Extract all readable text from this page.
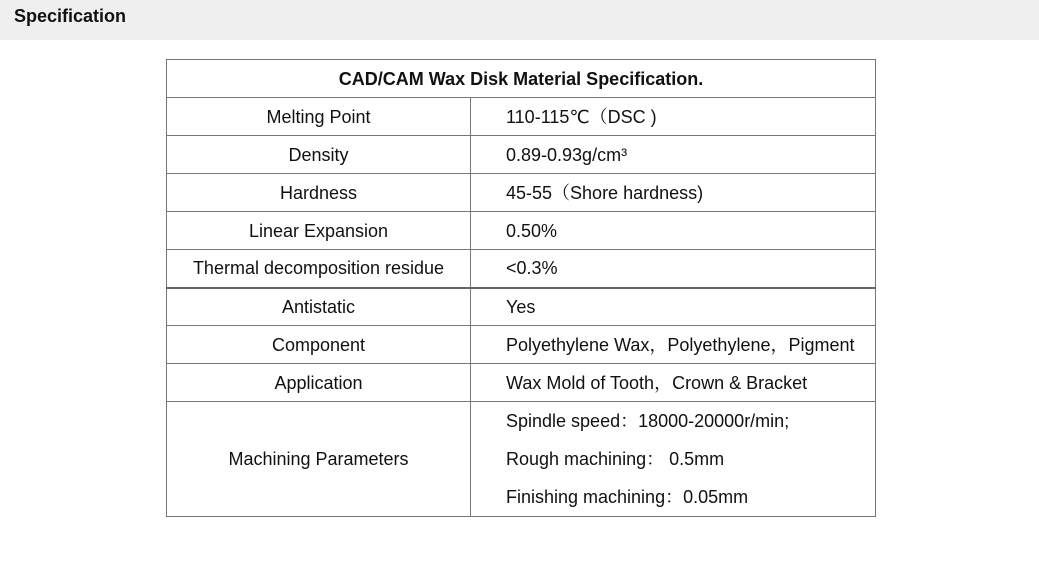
Specification
CAD/CAM Wax Disk Material Specification.	
Melting Point	110-115℃（DSC )
Density	0.89-0.93g/cm³
Hardness	45-55（Shore hardness)
Linear Expansion	0.50%
Thermal decomposition residue	<0.3%
Antistatic	Yes
Component	Polyethylene Wax，Polyethylene，Pigment
Application	Wax Mold of Tooth，Crown & Bracket
Machining Parameters	Spindle speed：18000-20000r/min;
Rough machining： 0.5mm
Finishing machining：0.05mm
